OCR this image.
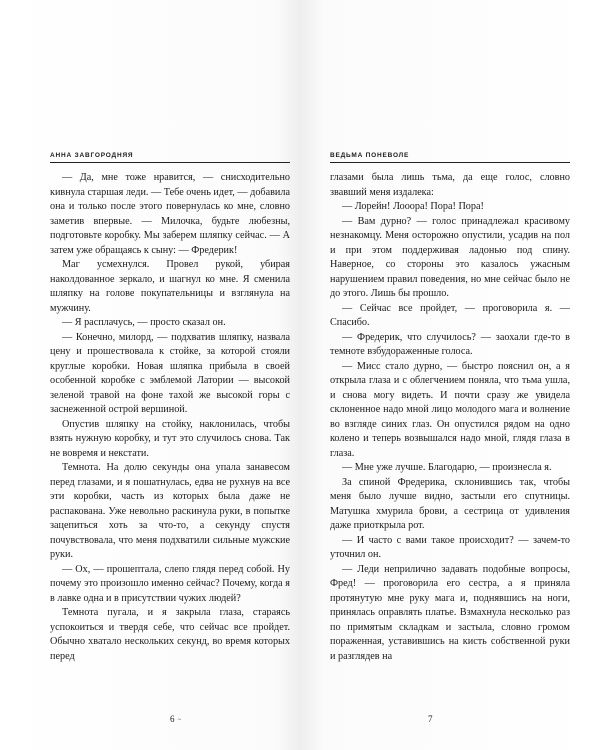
АННА ЗАВГОРОДНЯЯ

— Да, мне тоже нравится, — снисходительно кивнула старшая леди. — Тебе очень идет, — добавила она и только после этого повернулась ко мне, словно заметив впервые. — Милочка, будьте любезны, подготовьте коробку. Мы заберем шляпку сейчас. — А затем уже обращаясь к сыну: — Фредерик!

Маг усмехнулся. Провел рукой, убирая наколдованное зеркало, и шагнул ко мне. Я сменила шляпку на голове покупательницы и взглянула на мужчину.

— Я расплачусь, — просто сказал он.

— Конечно, милорд, — подхватив шляпку, назвала цену и прошествовала к стойке, за которой стояли круглые коробки. Новая шляпка прибыла в своей особенной коробке с эмблемой Латории — высокой зеленой травой на фоне тахой же высокой горы с заснеженной острой вершиной.

Опустив шляпку на стойку, наклонилась, чтобы взять нужную коробку, и тут это случилось снова. Так не вовремя и некстати.

Темнота. На долю секунды она упала занавесом перед глазами, и я пошатнулась, едва не рухнув на все эти коробки, часть из которых была даже не распакована. Уже невольно раскинула руки, в попытке зацепиться хоть за что-то, а секунду спустя почувствовала, что меня подхватили сильные мужские руки.

— Ох, — прошептала, слепо глядя перед собой. Ну почему это произошло именно сейчас? Почему, когда я в лавке одна и в присутствии чужих людей?

Темнота пугала, и я закрыла глаза, стараясь успокоиться и твердя себе, что сейчас все пройдет. Обычно хватало нескольких секунд, во время которых перед

6 ~
ВЕДЬМА ПОНЕВОЛЕ

глазами была лишь тьма, да еще голос, словно звавший меня издалека:

— Лорейн! Лооора! Пора! Пора!

— Вам дурно? — голос принадлежал красивому незнакомцу. Меня осторожно опустили, усадив на пол и при этом поддерживая ладонью под спину. Наверное, со стороны это казалось ужасным нарушением правил поведения, но мне сейчас было не до этого. Лишь бы прошло.

— Сейчас все пройдет, — проговорила я. — Спасибо.

— Фредерик, что случилось? — заохали где-то в темноте взбудораженные голоса.

— Мисс стало дурно, — быстро пояснил он, а я открыла глаза и с облегчением поняла, что тьма ушла, и снова могу видеть. И почти сразу же увидела склоненное надо мной лицо молодого мага и волнение во взгляде синих глаз. Он опустился рядом на одно колено и теперь возвышался надо мной, глядя глаза в глаза.

— Мне уже лучше. Благодарю, — произнесла я.

За спиной Фредерика, склонившись так, чтобы меня было лучше видно, застыли его спутницы. Матушка хмурила брови, а сестрица от удивления даже приоткрыла рот.

— И часто с вами такое происходит? — зачем-то уточнил он.

— Леди неприлично задавать подобные вопросы, Фред! — проговорила его сестра, а я приняла протянутую мне руку мага и, поднявшись на ноги, принялась оправлять платье. Взмахнула несколько раз по примятым складкам и застыла, словно громом пораженная, уставившись на кисть собственной руки и разглядев на

7
